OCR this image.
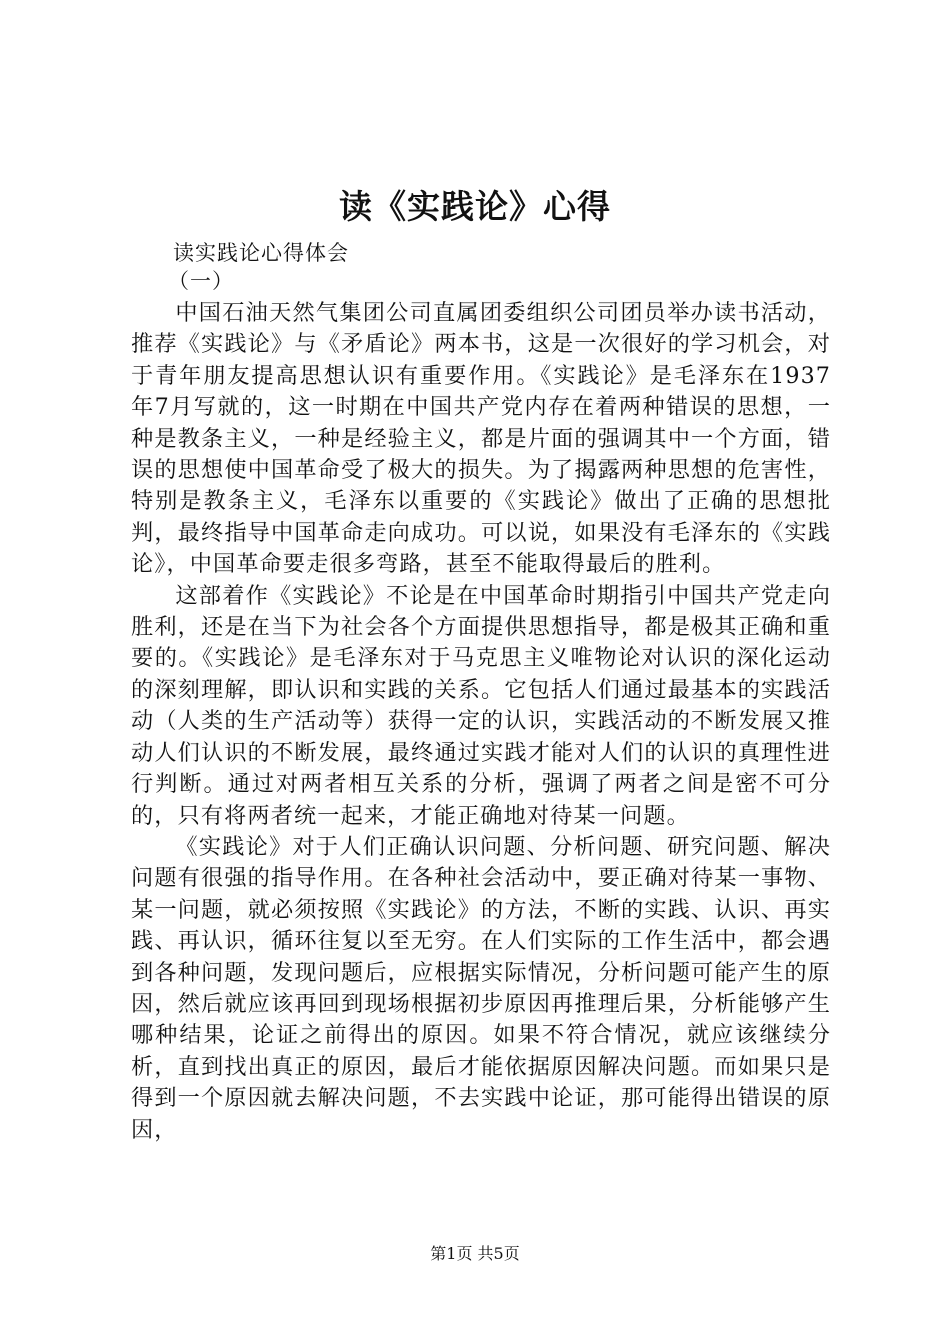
读《实践论》心得
读实践论心得体会
（一）

中国石油天然气集团公司直属团委组织公司团员举办读书活动，推荐《实践论》与《矛盾论》两本书，这是一次很好的学习机会，对于青年朋友提高思想认识有重要作用。《实践论》是毛泽东在1937年7月写就的，这一时期在中国共产党内存在着两种错误的思想，一种是教条主义，一种是经验主义，都是片面的强调其中一个方面，错误的思想使中国革命受了极大的损失。为了揭露两种思想的危害性，特别是教条主义，毛泽东以重要的《实践论》做出了正确的思想批判，最终指导中国革命走向成功。可以说，如果没有毛泽东的《实践论》，中国革命要走很多弯路，甚至不能取得最后的胜利。

这部着作《实践论》不论是在中国革命时期指引中国共产党走向胜利，还是在当下为社会各个方面提供思想指导，都是极其正确和重要的。《实践论》是毛泽东对于马克思主义唯物论对认识的深化运动的深刻理解，即认识和实践的关系。它包括人们通过最基本的实践活动（人类的生产活动等）获得一定的认识，实践活动的不断发展又推动人们认识的不断发展，最终通过实践才能对人们的认识的真理性进行判断。通过对两者相互关系的分析，强调了两者之间是密不可分的，只有将两者统一起来，才能正确地对待某一问题。

《实践论》对于人们正确认识问题、分析问题、研究问题、解决问题有很强的指导作用。在各种社会活动中，要正确对待某一事物、某一问题，就必须按照《实践论》的方法，不断的实践、认识、再实践、再认识，循环往复以至无穷。在人们实际的工作生活中，都会遇到各种问题，发现问题后，应根据实际情况，分析问题可能产生的原因，然后就应该再回到现场根据初步原因再推理后果，分析能够产生哪种结果，论证之前得出的原因。如果不符合情况，就应该继续分析，直到找出真正的原因，最后才能依据原因解决问题。而如果只是得到一个原因就去解决问题，不去实践中论证，那可能得出错误的原因，

第1页 共5页
